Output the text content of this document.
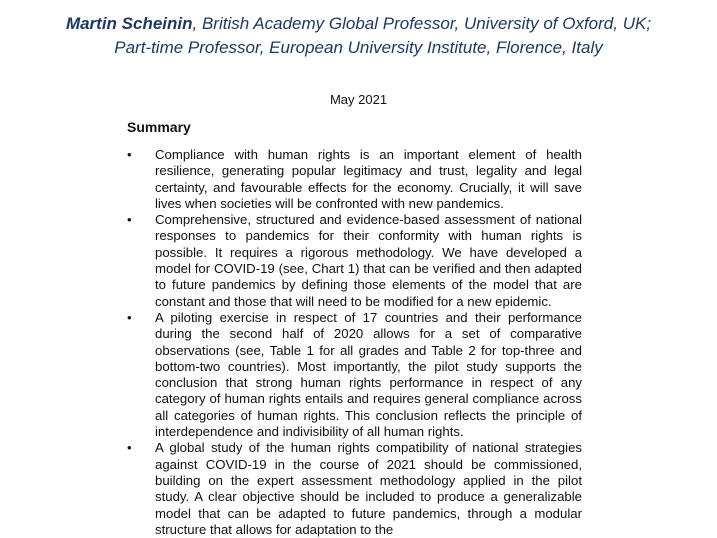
Martin Scheinin, British Academy Global Professor, University of Oxford, UK;
Part-time Professor, European University Institute, Florence, Italy
May 2021
Summary
• Compliance with human rights is an important element of health resilience, generating popular legitimacy and trust, legality and legal certainty, and favourable effects for the economy. Crucially, it will save lives when societies will be confronted with new pandemics.
• Comprehensive, structured and evidence-based assessment of national responses to pandemics for their conformity with human rights is possible. It requires a rigorous methodology. We have developed a model for COVID-19 (see, Chart 1) that can be verified and then adapted to future pandemics by defining those elements of the model that are constant and those that will need to be modified for a new epidemic.
• A piloting exercise in respect of 17 countries and their performance during the second half of 2020 allows for a set of comparative observations (see, Table 1 for all grades and Table 2 for top-three and bottom-two countries). Most importantly, the pilot study supports the conclusion that strong human rights performance in respect of any category of human rights entails and requires general compliance across all categories of human rights. This conclusion reflects the principle of interdependence and indivisibility of all human rights.
• A global study of the human rights compatibility of national strategies against COVID-19 in the course of 2021 should be commissioned, building on the expert assessment methodology applied in the pilot study. A clear objective should be included to produce a generalizable model that can be adapted to future pandemics, through a modular structure that allows for adaptation to the
